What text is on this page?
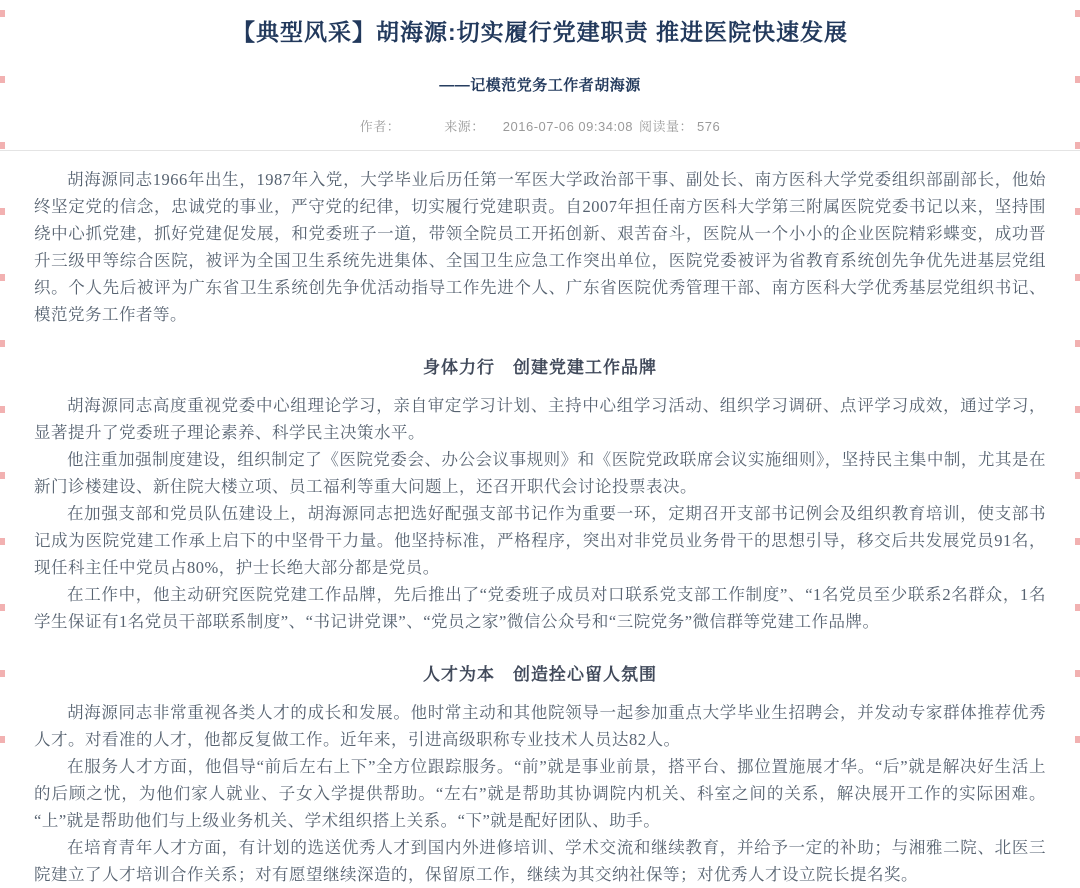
【典型风采】胡海源:切实履行党建职责 推进医院快速发展
——记模范党务工作者胡海源
作者：	来源： 2016-07-06 09:34:08 阅读量： 576

胡海源同志1966年出生，1987年入党，大学毕业后历任第一军医大学政治部干事、副处长、南方医科大学党委组织部副部长，他始终坚定党的信念，忠诚党的事业，严守党的纪律，切实履行党建职责。自2007年担任南方医科大学第三附属医院党委书记以来，坚持围绕中心抓党建，抓好党建促发展，和党委班子一道，带领全院员工开拓创新、艰苦奋斗，医院从一个小小的企业医院精彩蝶变，成功晋升三级甲等综合医院，被评为全国卫生系统先进集体、全国卫生应急工作突出单位，医院党委被评为省教育系统创先争优先进基层党组织。个人先后被评为广东省卫生系统创先争优活动指导工作先进个人、广东省医院优秀管理干部、南方医科大学优秀基层党组织书记、模范党务工作者等。

身体力行　创建党建工作品牌

胡海源同志高度重视党委中心组理论学习，亲自审定学习计划、主持中心组学习活动、组织学习调研、点评学习成效，通过学习，显著提升了党委班子理论素养、科学民主决策水平。

他注重加强制度建设，组织制定了《医院党委会、办公会议事规则》和《医院党政联席会议实施细则》，坚持民主集中制，尤其是在新门诊楼建设、新住院大楼立项、员工福利等重大问题上，还召开职代会讨论投票表决。

在加强支部和党员队伍建设上，胡海源同志把选好配强支部书记作为重要一环，定期召开支部书记例会及组织教育培训，使支部书记成为医院党建工作承上启下的中坚骨干力量。他坚持标准，严格程序，突出对非党员业务骨干的思想引导，移交后共发展党员91名，现任科主任中党员占80%，护士长绝大部分都是党员。

在工作中，他主动研究医院党建工作品牌，先后推出了“党委班子成员对口联系党支部工作制度”、“1名党员至少联系2名群众，1名学生保证有1名党员干部联系制度”、“书记讲党课”、“党员之家”微信公众号和“三院党务”微信群等党建工作品牌。

人才为本　创造拴心留人氛围

胡海源同志非常重视各类人才的成长和发展。他时常主动和其他院领导一起参加重点大学毕业生招聘会，并发动专家群体推荐优秀人才。对看准的人才，他都反复做工作。近年来，引进高级职称专业技术人员达82人。

在服务人才方面，他倡导“前后左右上下”全方位跟踪服务。“前”就是事业前景，搭平台、挪位置施展才华。“后”就是解决好生活上的后顾之忧，为他们家人就业、子女入学提供帮助。“左右”就是帮助其协调院内机关、科室之间的关系，解决展开工作的实际困难。“上”就是帮助他们与上级业务机关、学术组织搭上关系。“下”就是配好团队、助手。

在培育青年人才方面，有计划的选送优秀人才到国内外进修培训、学术交流和继续教育，并给予一定的补助；与湘雅二院、北医三院建立了人才培训合作关系；对有愿望继续深造的，保留原工作，继续为其交纳社保等；对优秀人才设立院长提名奖。
